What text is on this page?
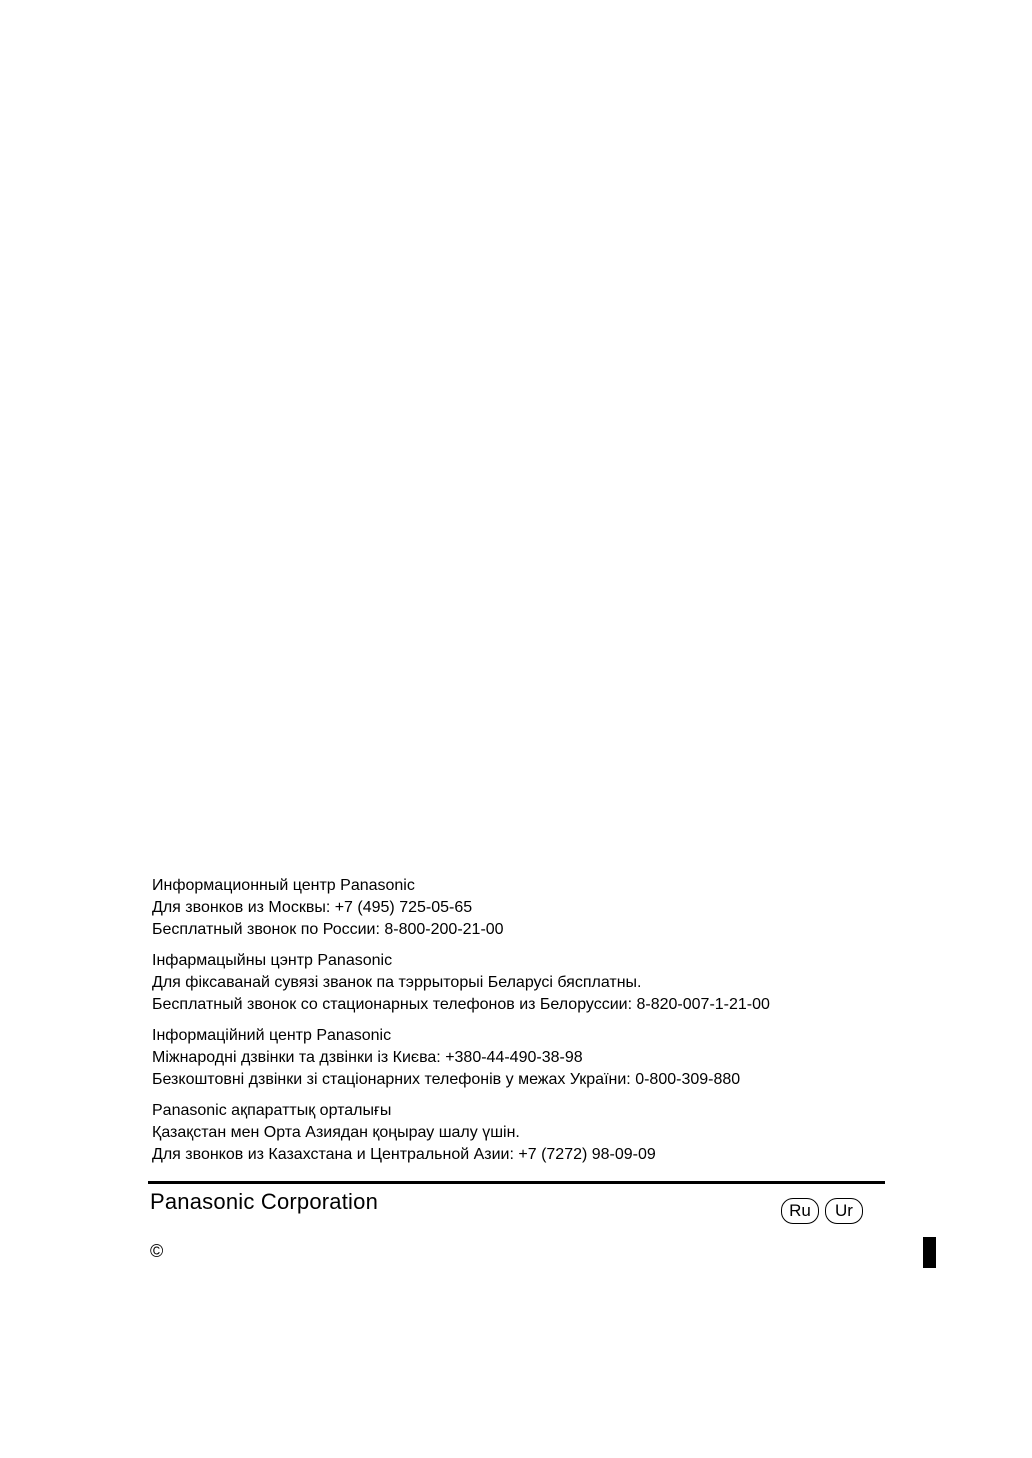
Информационный центр Panasonic
Для звонков из Москвы: +7 (495) 725-05-65
Бесплатный звонок по России: 8-800-200-21-00
Інфармацыйны цэнтр Panasonic
Для фіксаванай сувязі званок па тэррыторыі Беларусі бясплатны.
Бесплатный звонок со стационарных телефонов из Белоруссии: 8-820-007-1-21-00
Інформаційний центр Panasonic
Міжнародні дзвінки та дзвінки із Києва: +380-44-490-38-98
Безкоштовні дзвінки зі стаціонарних телефонів у межах України: 0-800-309-880
Panasonic ақпараттық орталығы
Қазақстан мен Орта Азиядан қоңырау шалу үшін.
Для звонков из Казахстана и Центральной Азии: +7 (7272) 98-09-09
Panasonic Corporation	Ru	Ur
©
